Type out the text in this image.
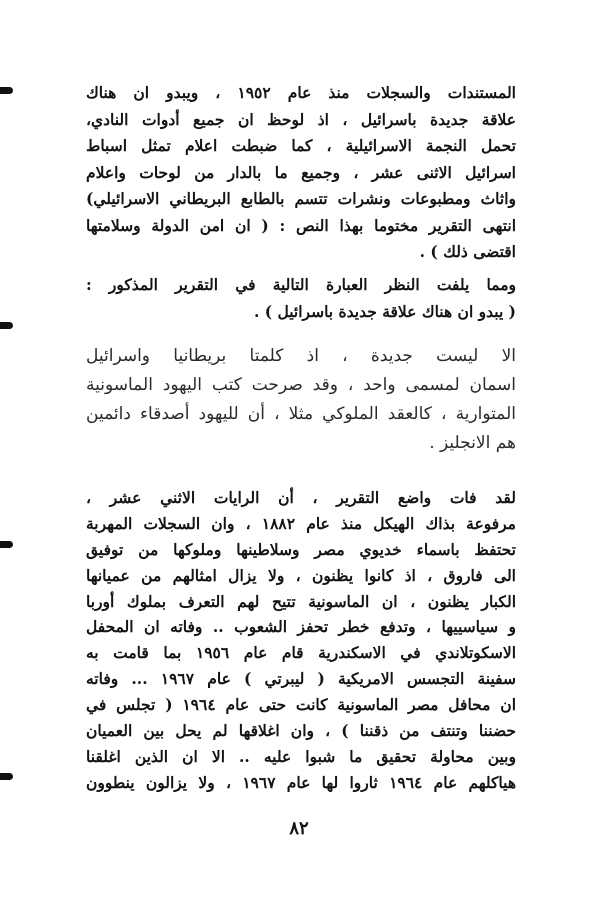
المستندات والسجلات منذ عام ١٩٥٢ ، ويبدو ان هناك
علاقة جديدة باسرائيل ، اذ لوحظ ان جميع أدوات النادي،
تحمل النجمة الاسرائيلية ، كما ضبطت اعلام تمثل اسباط
اسرائيل الاثنى عشر ، وجميع ما بالدار من لوحات واعلام
واثاث ومطبوعات ونشرات تتسم بالطابع البريطاني الاسرائيلي)
انتهى التقرير مختوما بهذا النص : ( ان امن الدولة وسلامتها
اقتضى ذلك ) .
ومما يلفت النظر العبارة التالية في التقرير المذكور :
( يبدو ان هناك علاقة جديدة باسرائيل ) .
الا ليست جديدة ، اذ كلمتا بريطانيا واسرائيل
اسمان لمسمى واحد ، وقد صرحت كتب اليهود الماسونية
المتوارية ، كالعقد الملوكي مثلا ، أن لليهود أصدقاء دائمين
هم الانجليز .
لقد فات واضع التقرير ، أن الرايات الاثني عشر ،
مرفوعة بذاك الهيكل منذ عام ١٨٨٢ ، وان السجلات المهربة
تحتفظ باسماء خديوي مصر وسلاطينها وملوكها من توفيق
الى فاروق ، اذ كانوا يظنون ، ولا يزال امثالهم من عميانها
الكبار يظنون ، ان الماسونية تتيح لهم التعرف بملوك أوربا
و سياسييها ، وتدفع خطر تحفز الشعوب .. وفاته ان المحفل
الاسكوتلاندي في الاسكندرية قام عام ١٩٥٦ بما قامت به
سفينة التجسس الامريكية ( ليبرتي ) عام ١٩٦٧ ... وفاته
ان محافل مصر الماسونية كانت حتى عام ١٩٦٤ ( تجلس في
حضننا وتنتف من ذقننا ) ، وان اغلاقها لم يحل بين العميان
وبين محاولة تحقيق ما شبوا عليه .. الا ان الذين اغلقنا
هياكلهم عام ١٩٦٤ ثاروا لها عام ١٩٦٧ ، ولا يزالون ينطوون
٨٢
